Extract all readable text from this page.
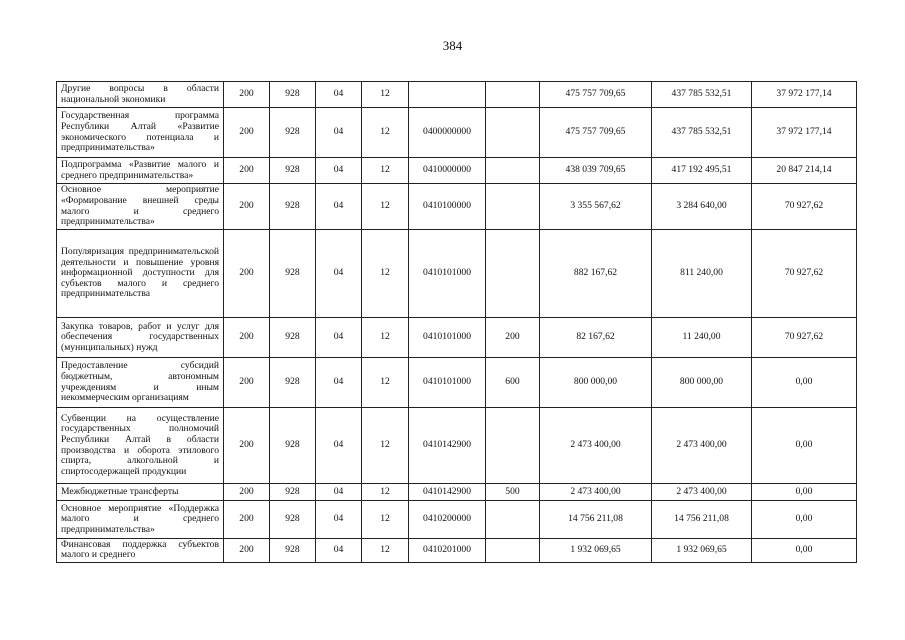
384
Другие вопросы в области национальной экономики	200	928	04	12			475 757 709,65	437 785 532,51	37 972 177,14
Государственная программа Республики Алтай «Развитие экономического потенциала и предпринимательства»	200	928	04	12	0400000000		475 757 709,65	437 785 532,51	37 972 177,14
Подпрограмма «Развитие малого и среднего предпринимательства»	200	928	04	12	0410000000		438 039 709,65	417 192 495,51	20 847 214,14
Основное мероприятие «Формирование внешней среды малого и среднего предпринимательства»	200	928	04	12	0410100000		3 355 567,62	3 284 640,00	70 927,62
Популяризация предпринимательской деятельности и повышение уровня информационной доступности для субъектов малого и среднего предпринимательства	200	928	04	12	0410101000		882 167,62	811 240,00	70 927,62
Закупка товаров, работ и услуг для обеспечения государственных (муниципальных) нужд	200	928	04	12	0410101000	200	82 167,62	11 240,00	70 927,62
Предоставление субсидий бюджетным, автономным учреждениям и иным некоммерческим организациям	200	928	04	12	0410101000	600	800 000,00	800 000,00	0,00
Субвенции на осуществление государственных полномочий Республики Алтай в области производства и оборота этилового спирта, алкогольной и спиртосодержащей продукции	200	928	04	12	0410142900		2 473 400,00	2 473 400,00	0,00
Межбюджетные трансферты	200	928	04	12	0410142900	500	2 473 400,00	2 473 400,00	0,00
Основное мероприятие «Поддержка малого и среднего предпринимательства»	200	928	04	12	0410200000		14 756 211,08	14 756 211,08	0,00
Финансовая поддержка субъектов малого и среднего	200	928	04	12	0410201000		1 932 069,65	1 932 069,65	0,00
